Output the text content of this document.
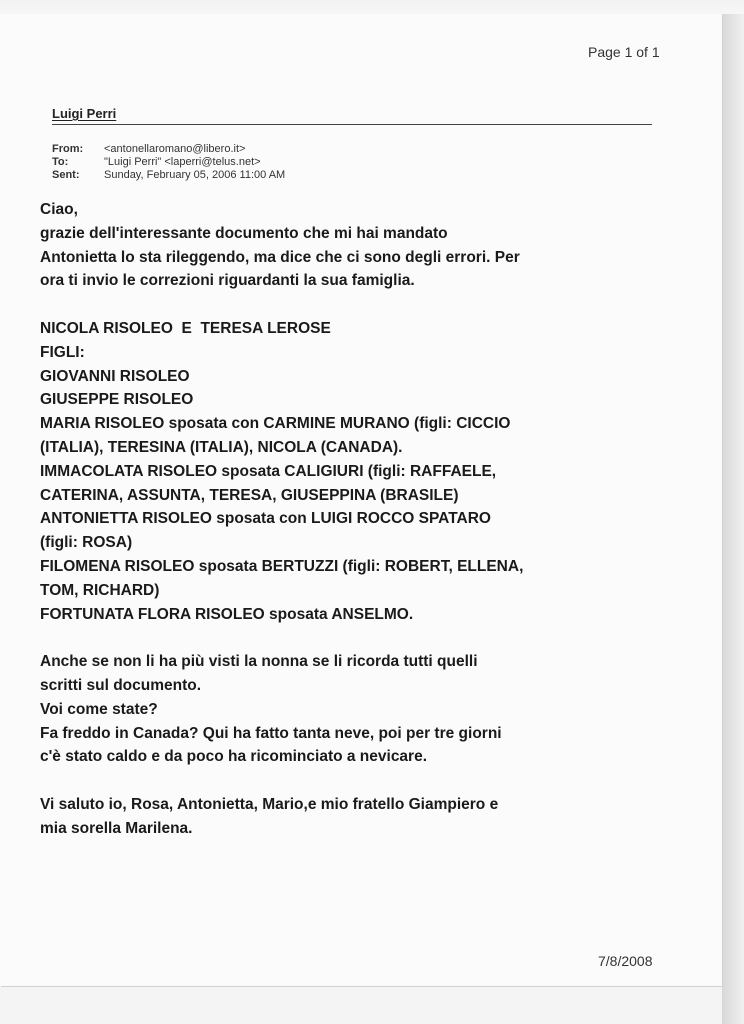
Page 1 of 1
Luigi Perri
From:	<antonellaromano@libero.it>
To:	"Luigi Perri" <laperri@telus.net>
Sent:	Sunday, February 05, 2006 11:00 AM

Ciao,

grazie dell'interessante documento che mi hai mandato

Antonietta lo sta rileggendo, ma dice che ci sono degli errori. Per

ora ti invio le correzioni riguardanti la sua famiglia.

NICOLA RISOLEO  E  TERESA LEROSE

FIGLI:

GIOVANNI RISOLEO

GIUSEPPE RISOLEO

MARIA RISOLEO sposata con CARMINE MURANO (figli: CICCIO

(ITALIA), TERESINA (ITALIA), NICOLA (CANADA).

IMMACOLATA RISOLEO sposata CALIGIURI (figli: RAFFAELE,

CATERINA, ASSUNTA, TERESA, GIUSEPPINA (BRASILE)

ANTONIETTA RISOLEO sposata con LUIGI ROCCO SPATARO

(figli: ROSA)

FILOMENA RISOLEO sposata BERTUZZI (figli: ROBERT, ELLENA,

TOM, RICHARD)

FORTUNATA FLORA RISOLEO sposata ANSELMO.

Anche se non li ha più visti la nonna se li ricorda tutti quelli

scritti sul documento.

Voi come state?

Fa freddo in Canada? Qui ha fatto tanta neve, poi per tre giorni

c'è stato caldo e da poco ha ricominciato a nevicare.

Vi saluto io, Rosa, Antonietta, Mario,e mio fratello Giampiero e

mia sorella Marilena.

7/8/2008
